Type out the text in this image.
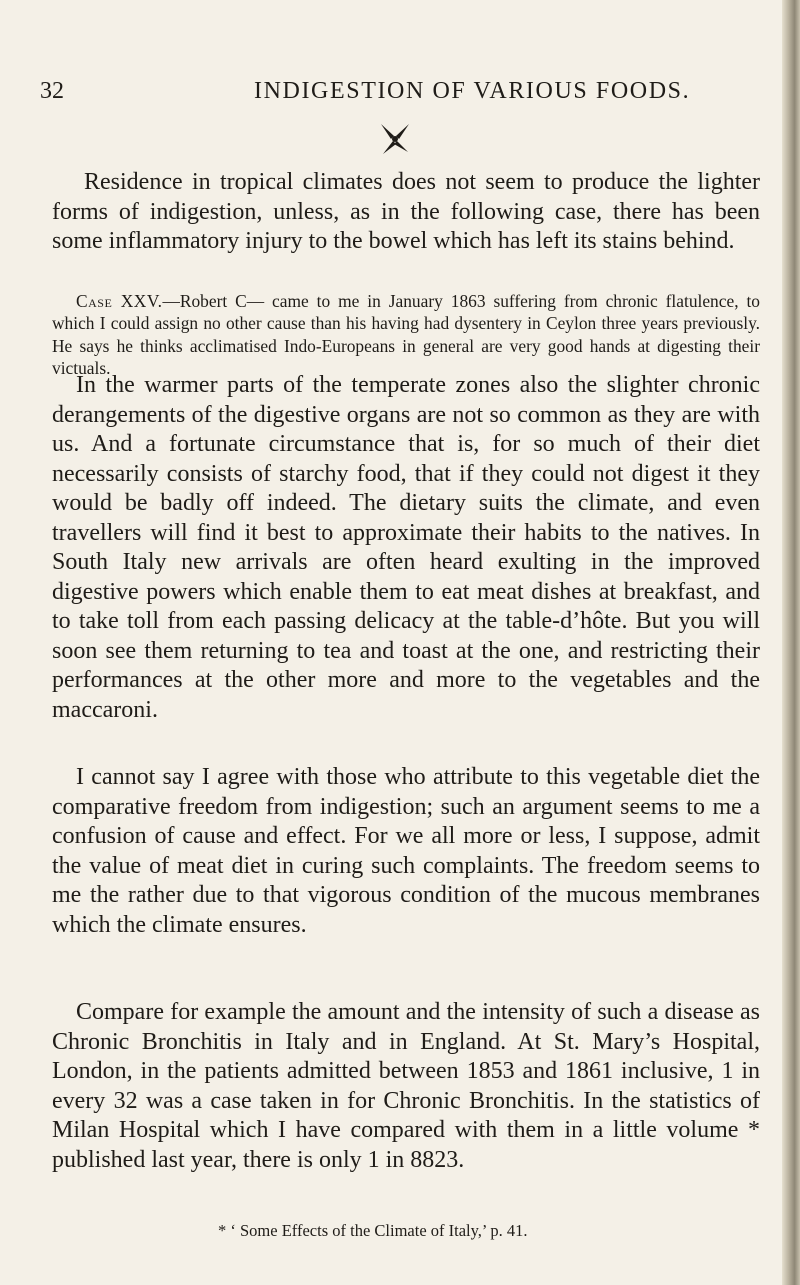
32	INDIGESTION OF VARIOUS FOODS.

Residence in tropical climates does not seem to produce the lighter forms of indigestion, unless, as in the following case, there has been some inflammatory injury to the bowel which has left its stains behind.

Case XXV.—Robert C— came to me in January 1863 suffering from chronic flatulence, to which I could assign no other cause than his having had dysentery in Ceylon three years previously. He says he thinks acclimatised Indo-Europeans in general are very good hands at digesting their victuals.

In the warmer parts of the temperate zones also the slighter chronic derangements of the digestive organs are not so common as they are with us. And a fortunate circumstance that is, for so much of their diet necessarily consists of starchy food, that if they could not digest it they would be badly off indeed. The dietary suits the climate, and even travellers will find it best to approximate their habits to the natives. In South Italy new arrivals are often heard exulting in the improved digestive powers which enable them to eat meat dishes at breakfast, and to take toll from each passing delicacy at the table-d’hôte. But you will soon see them returning to tea and toast at the one, and restricting their performances at the other more and more to the vegetables and the maccaroni.

I cannot say I agree with those who attribute to this vegetable diet the comparative freedom from indigestion; such an argument seems to me a confusion of cause and effect. For we all more or less, I suppose, admit the value of meat diet in curing such complaints. The freedom seems to me the rather due to that vigorous condition of the mucous membranes which the climate ensures.

Compare for example the amount and the intensity of such a disease as Chronic Bronchitis in Italy and in England. At St. Mary’s Hospital, London, in the patients admitted between 1853 and 1861 inclusive, 1 in every 32 was a case taken in for Chronic Bronchitis. In the statistics of Milan Hospital which I have compared with them in a little volume * published last year, there is only 1 in 8823.

* ‘ Some Effects of the Climate of Italy,’ p. 41.
